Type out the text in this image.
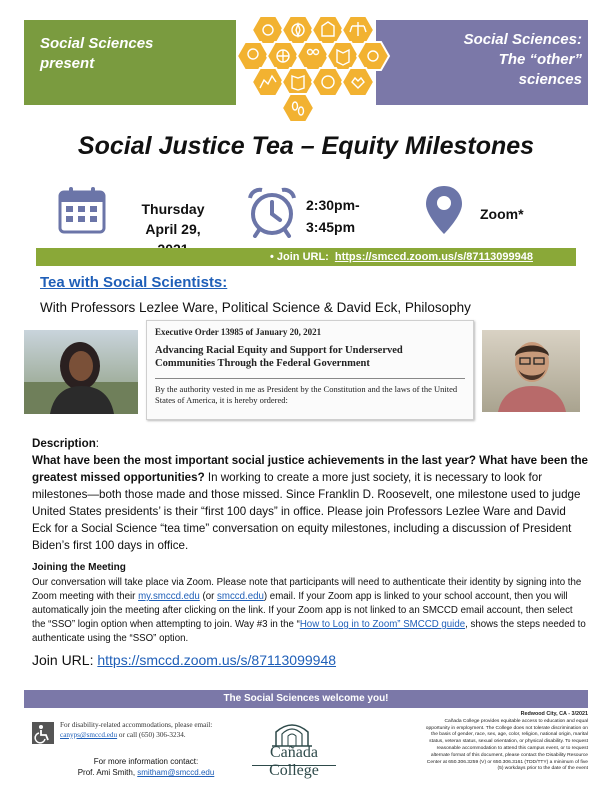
Social Sciences
present
Social Sciences:
The “other”
sciences
Social Justice Tea – Equity Milestones
Thursday
April 29,
2:30pm-
3:45pm
Zoom*
• Join URL: https://smccd.zoom.us/s/87113099948
Tea with Social Scientists:
With Professors Lezlee Ware, Political Science & David Eck, Philosophy
Executive Order 13985 of January 20, 2021
Advancing Racial Equity and Support for Underserved Communities Through the Federal Government
By the authority vested in me as President by the Constitution and the laws of the United States of America, it is hereby ordered:
Description:
What have been the most important social justice achievements in the last year? What have been the greatest missed opportunities? In working to create a more just society, it is necessary to look for milestones—both those made and those missed. Since Franklin D. Roosevelt, one milestone used to judge United States presidents’ is their “first 100 days” in office. Please join Professors Lezlee Ware and David Eck for a Social Science “tea time” conversation on equity milestones, including a discussion of President Biden’s first 100 days in office.
Joining the Meeting
Our conversation will take place via Zoom. Please note that participants will need to authenticate their identity by signing into the Zoom meeting with their my.smccd.edu (or smccd.edu) email. If your Zoom app is linked to your school account, then you will automatically join the meeting after clicking on the link. If your Zoom app is not linked to an SMCCD email account, then select the “SSO” login option when attempting to join. Way #3 in the “How to Log in to Zoom” SMCCD guide, shows the steps needed to authenticate using the “SSO” option.
Join URL: https://smccd.zoom.us/s/87113099948
The Social Sciences welcome you!
For disability-related accommodations, please email:
canyps@smccd.edu or call (650) 306-3234.
For more information contact:
Prof. Ami Smith, smitham@smccd.edu
Cañada College
Redwood City, CA - 3/2021
Cañada College provides equitable access to education and equal opportunity in employment. The College does not tolerate discrimination on the basis of gender, race, sex, age, color, religion, national origin, marital status, veteran status, sexual orientation, or physical disability. To request reasonable accommodation to attend this campus event, or to request alternate format of this document, please contact the Disability Resource Center at 650.306.3259 (V) or 650.306.3161 (TDD/TTY) a minimum of five (5) workdays prior to the date of the event
